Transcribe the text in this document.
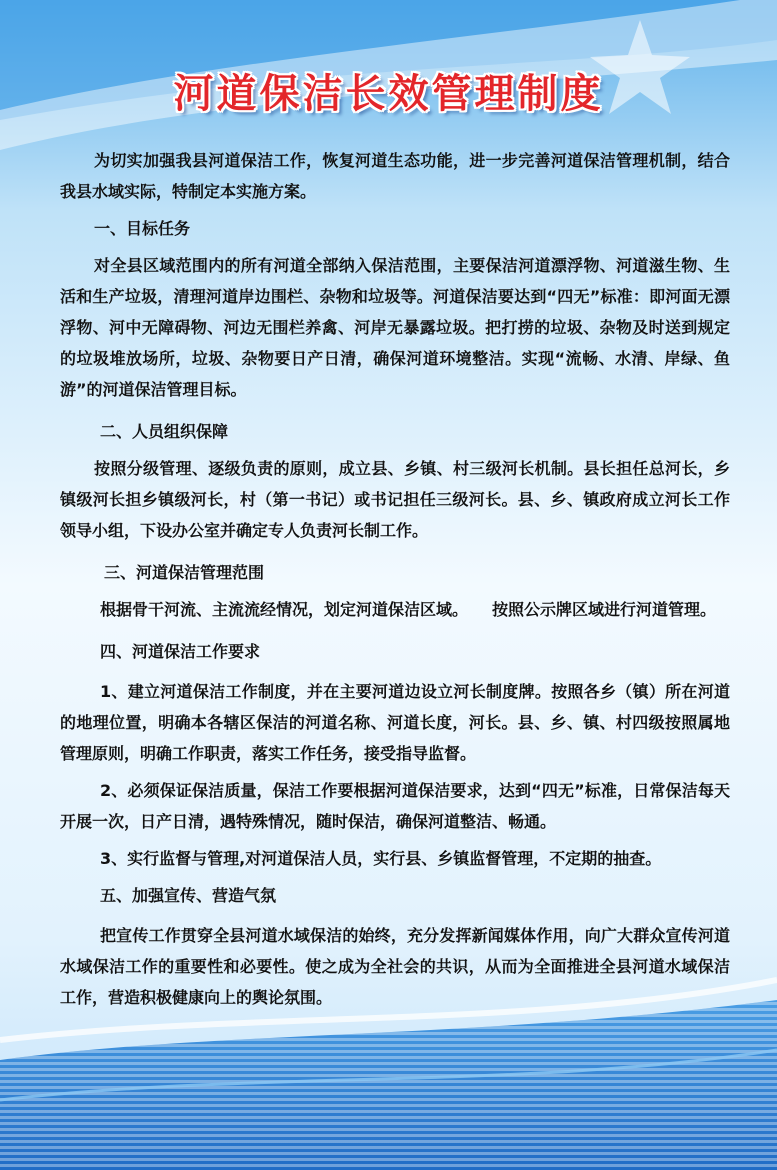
河道保洁长效管理制度

为切实加强我县河道保洁工作，恢复河道生态功能，进一步完善河道保洁管理机制，结合我县水域实际，特制定本实施方案。

一、目标任务

对全县区域范围内的所有河道全部纳入保洁范围，主要保洁河道漂浮物、河道滋生物、生活和生产垃圾，清理河道岸边围栏、杂物和垃圾等。河道保洁要达到“四无”标准：即河面无漂浮物、河中无障碍物、河边无围栏养禽、河岸无暴露垃圾。把打捞的垃圾、杂物及时送到规定的垃圾堆放场所，垃圾、杂物要日产日清，确保河道环境整洁。实现“流畅、水清、岸绿、鱼游”的河道保洁管理目标。

二、人员组织保障

按照分级管理、逐级负责的原则，成立县、乡镇、村三级河长机制。县长担任总河长，乡镇级河长担乡镇级河长，村（第一书记）或书记担任三级河长。县、乡、镇政府成立河长工作领导小组，下设办公室并确定专人负责河长制工作。

三、河道保洁管理范围

根据骨干河流、主流流经情况，划定河道保洁区域。　　按照公示牌区域进行河道管理。

四、河道保洁工作要求

1、建立河道保洁工作制度，并在主要河道边设立河长制度牌。按照各乡（镇）所在河道的地理位置，明确本各辖区保洁的河道名称、河道长度，河长。县、乡、镇、村四级按照属地管理原则，明确工作职责，落实工作任务，接受指导监督。

2、必须保证保洁质量，保洁工作要根据河道保洁要求，达到“四无”标准，日常保洁每天开展一次，日产日清，遇特殊情况，随时保洁，确保河道整洁、畅通。

3、实行监督与管理,对河道保洁人员，实行县、乡镇监督管理，不定期的抽查。

五、加强宣传、营造气氛

把宣传工作贯穿全县河道水域保洁的始终，充分发挥新闻媒体作用，向广大群众宣传河道水域保洁工作的重要性和必要性。使之成为全社会的共识，从而为全面推进全县河道水域保洁工作，营造积极健康向上的舆论氛围。
